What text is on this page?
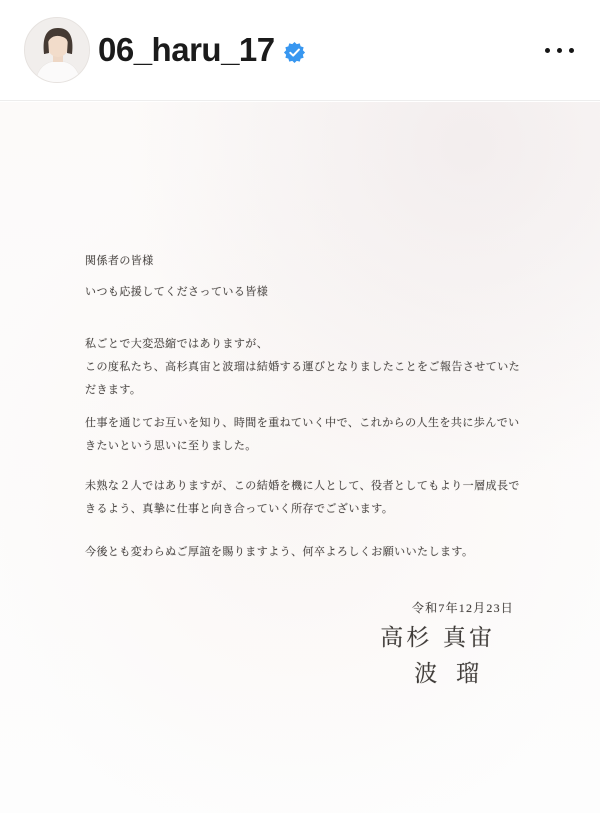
06_haru_17
関係者の皆様
いつも応援してくださっている皆様
私ごとで大変恐縮ではありますが、
この度私たち、高杉真宙と波瑠は結婚する運びとなりましたことをご報告させていた
だきます。
仕事を通じてお互いを知り、時間を重ねていく中で、これからの人生を共に歩んでい
きたいという思いに至りました。
未熟な２人ではありますが、この結婚を機に人として、役者としてもより一層成長で
きるよう、真摯に仕事と向き合っていく所存でございます。
今後とも変わらぬご厚誼を賜りますよう、何卒よろしくお願いいたします。
令和7年12月23日
高杉 真宙
波 瑠
